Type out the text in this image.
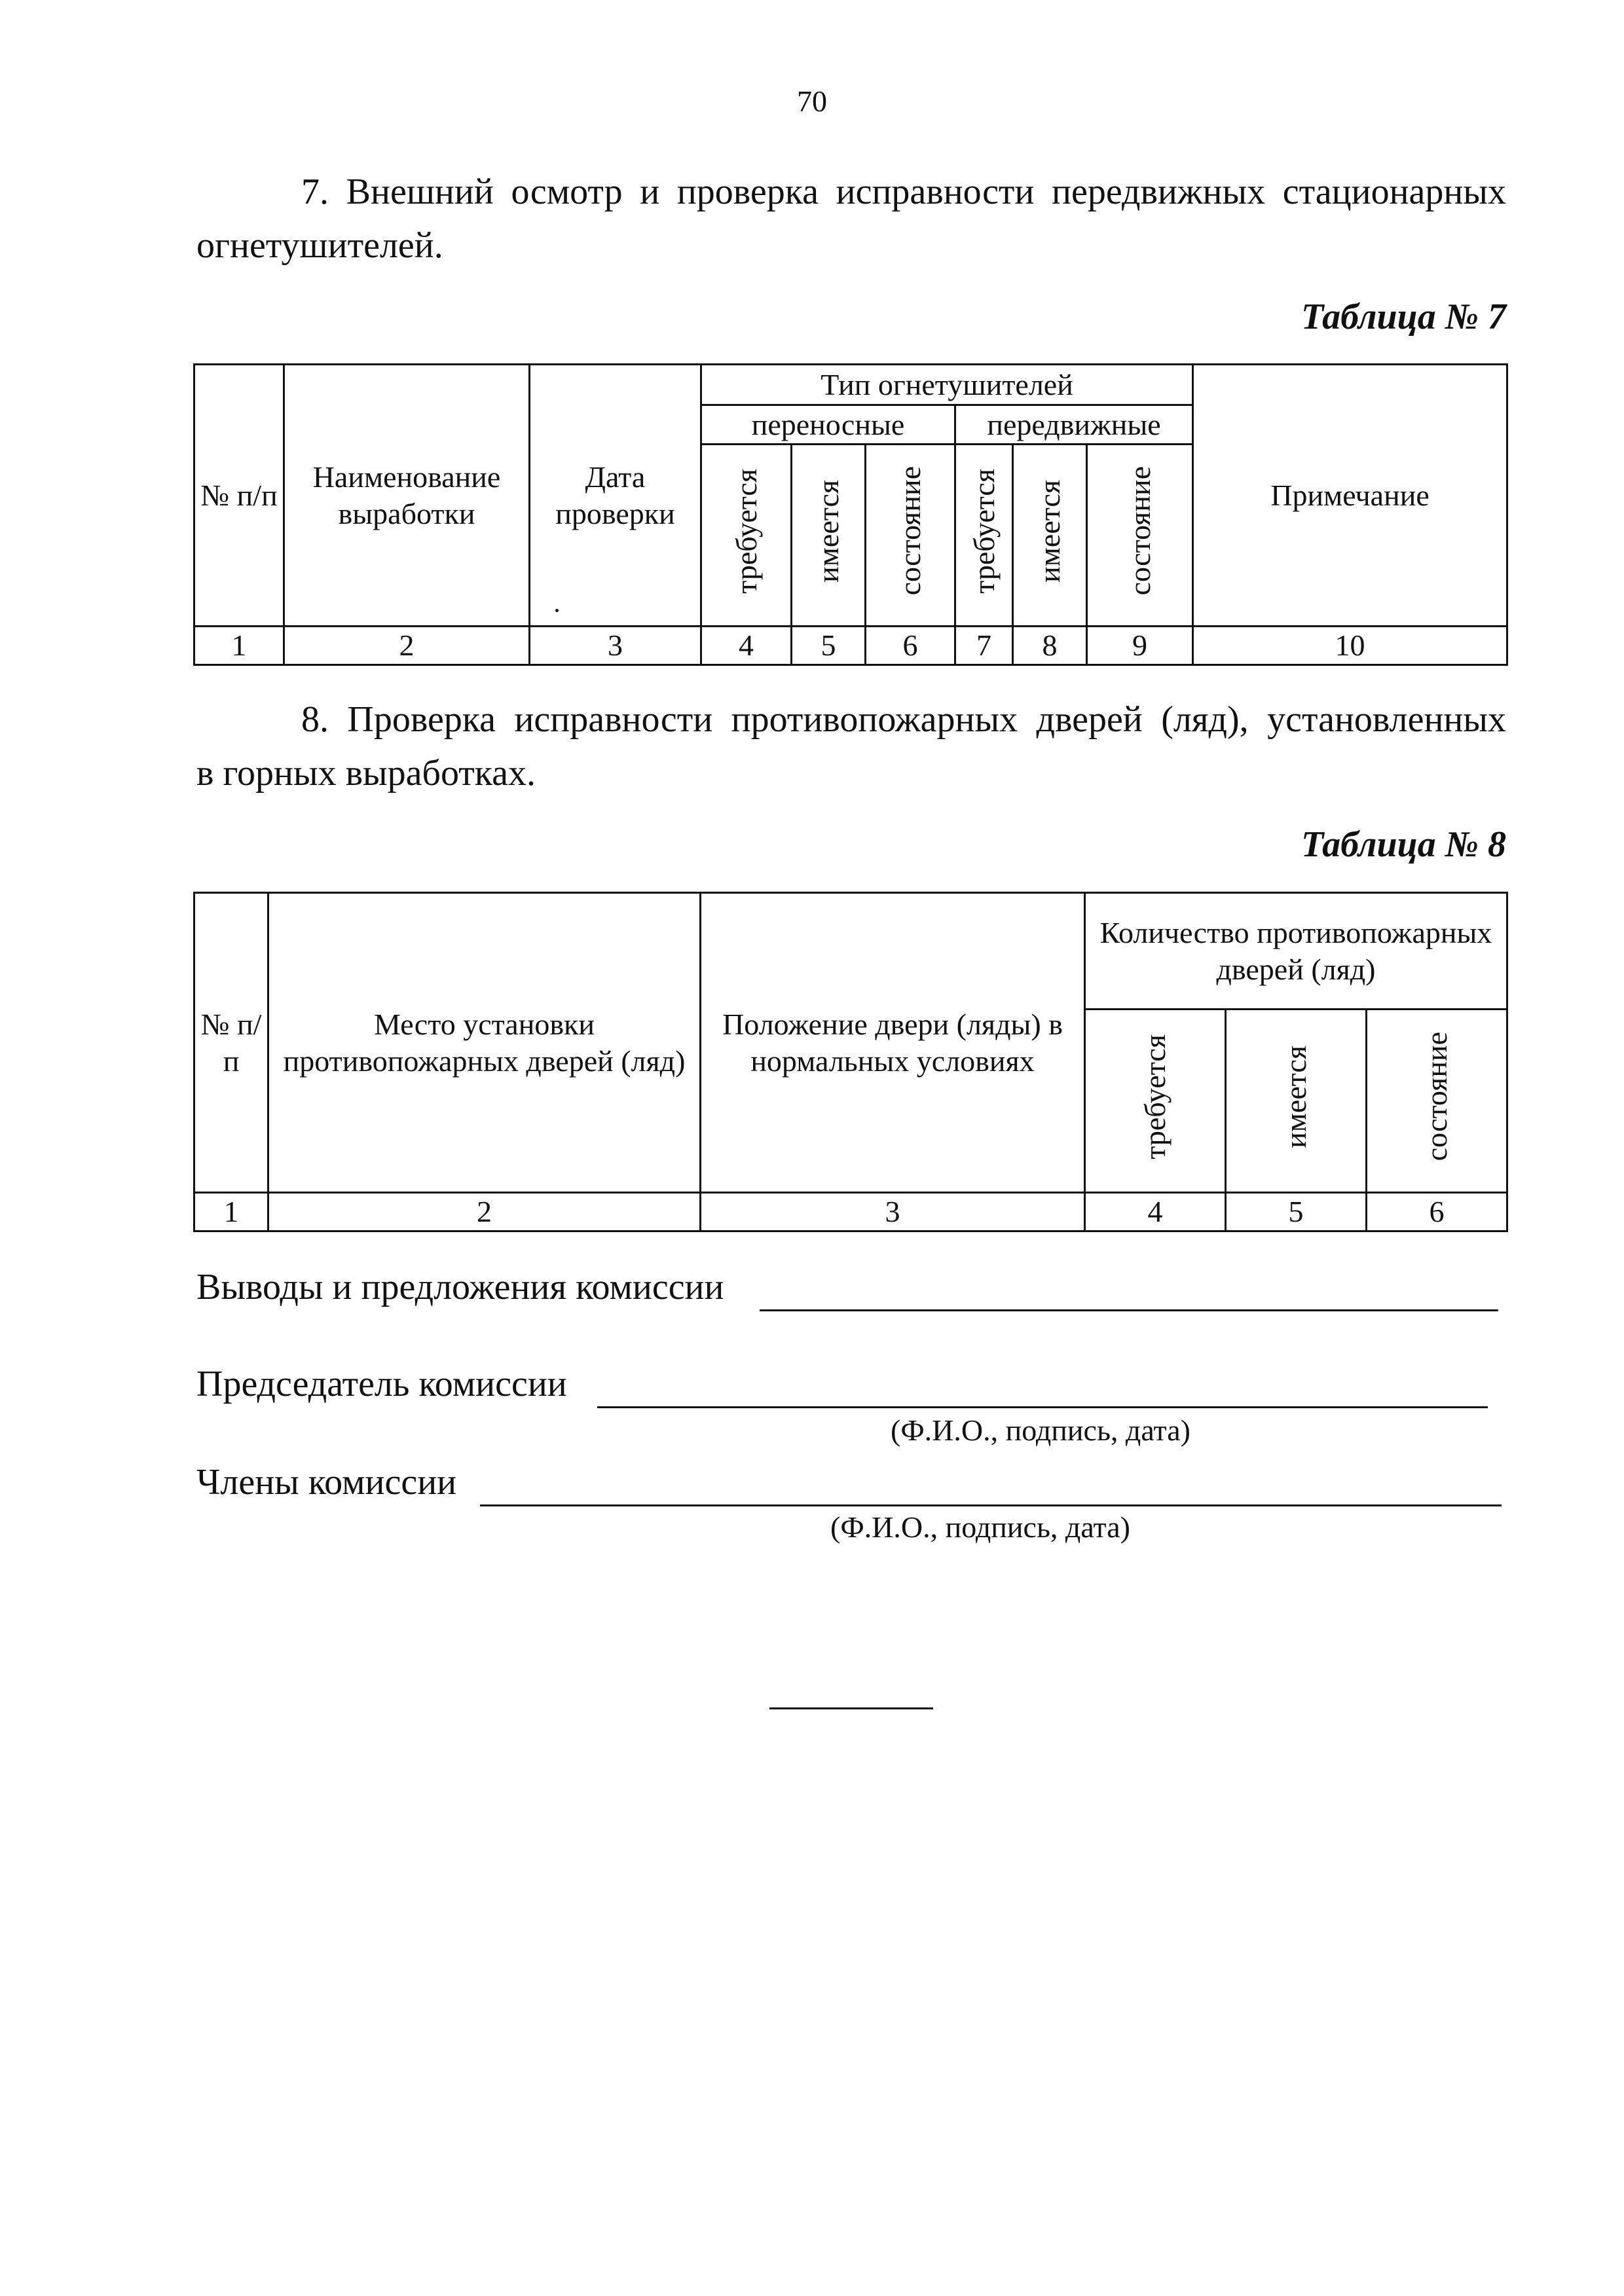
70
7. Внешний осмотр и проверка исправности передвижных стационарных
огнетушителей.
Таблица № 7
№ п/п	Наименование выработки	Дата проверки	Тип огнетушителей						Примечание
			переносные			передвижные			
			требуется	имеется	состояние	требуется	имеется	состояние	
1	2	3	4	5	6	7	8	9	10
8. Проверка исправности противопожарных дверей (ляд), установленных
в горных выработках.
Таблица № 8
№ п/п	Место установки противопожарных дверей (ляд)	Положение двери (ляды) в нормальных условиях	Количество противопожарных дверей (ляд)		
			требуется	имеется	состояние
1	2	3	4	5	6
Выводы и предложения комиссии
Председатель комиссии
(Ф.И.О., подпись, дата)
Члены комиссии
(Ф.И.О., подпись, дата)
